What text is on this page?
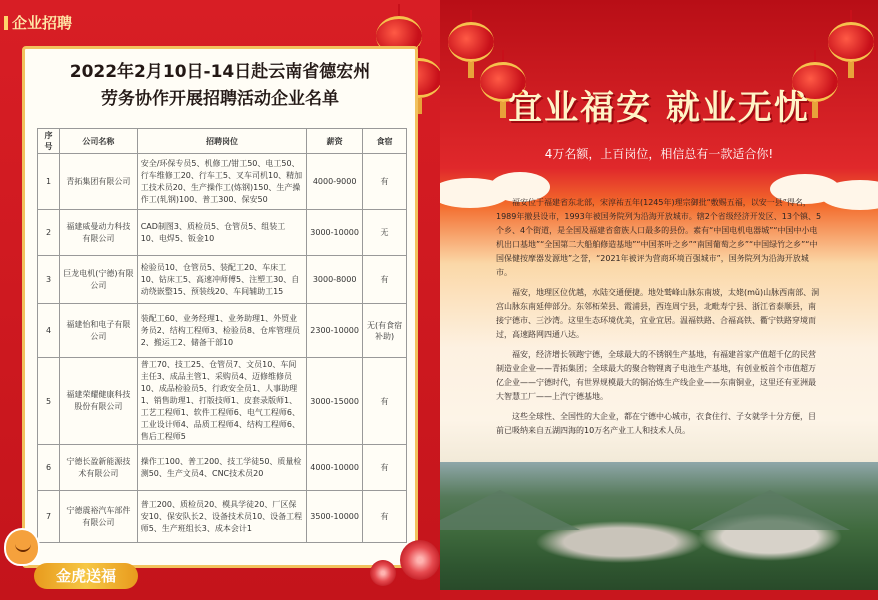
企业招聘
2022年2月10日-14日赴云南省德宏州
劳务协作开展招聘活动企业名单
序号	公司名称	招聘岗位	薪资	食宿
1	青拓集团有限公司	安全/环保专员5、机修工/钳工50、电工50、行车维修工20、行车工5、叉车司机10、精加工技术员20、生产操作工(炼钢)150、生产操作工(轧钢)100、普工300、保安50	4000-9000	有
2	福建威曼动力科技有限公司	CAD制图3、质检员5、仓管员5、组装工10、电焊5、钣金10	3000-10000	无
3	巨龙电机(宁德)有限公司	检验员10、仓管员5、装配工20、车床工10、钻床工5、高速冲师傅5、注塑工30、自动绕嵌整15、预装线20、车间辅助工15	3000-8000	有
4	福建怡和电子有限公司	装配工60、业务经理1、业务助理1、外贸业务员2、结构工程师3、检验员8、仓库管理员2、搬运工2、储备干部10	2300-10000	无(有食宿补助)
5	福建荣耀健康科技股份有限公司	普工70、技工25、仓管员7、文员10、车间主任3、成品主管1、采购员4、迈修维修员10、成品检验员5、行政安全员1、人事助理1、销售助理1、打版技师1、皮套录版师1、工艺工程师1、软件工程师6、电气工程师6、工业设计师4、品质工程师4、结构工程师6、售后工程师5	3000-15000	有
6	宁德长盈新能源技术有限公司	操作工100、普工200、技工学徒50、质量检测50、生产文员4、CNC技术员20	4000-10000	有
7	宁德震裕汽车部件有限公司	普工200、质检员20、模具学徒20、厂区保安10、保安队长2、设备技术员10、设备工程师5、生产班组长3、成本会计1	3500-10000	有
金虎送福
宜业福安 就业无忧
4万名额，上百岗位，相信总有一款适合你!

福安位于福建省东北部，宋淳祐五年(1245年)理宗御批“敷赐五福，以安一县”得名，1989年撤县设市，1993年被国务院列为沿海开放城市。辖2个省级经济开发区、13个镇、5个乡、4个街道，是全国及福建省畲族人口最多的县份。素有“中国电机电器城”“中国中小电机出口基地”“全国第二大船舶修造基地”“中国茶叶之乡”“南国葡萄之乡”“中国绿竹之乡”“中国保健按摩器发源地”之誉，“2021年被评为营商环境百强城市”，国务院列为沿海开放城市。

福安，地理区位优越，水陆交通便捷。地处鹫峰山脉东南坡，太姥(mǔ)山脉西南部、洞宫山脉东南延伸部分。东邻柘荣县、霞浦县，西连周宁县，北毗寿宁县、浙江省泰顺县，南接宁德市、三沙湾。这里生态环境优美，宜业宜居。温福铁路、合福高铁、衢宁铁路穿境而过，高速路网四通八达。

福安，经济增长领跑宁德，全球最大的不锈钢生产基地，有福建首家产值超千亿的民营制造业企业——青拓集团；全球最大的聚合物锂离子电池生产基地，有创业板首个市值超万亿企业——宁德时代，有世界规模最大的铜冶炼生产线企业——东南铜业，这里还有亚洲最大智慧工厂——上汽宁德基地。

这些全球性、全国性的大企业，都在宁德中心城市，衣食住行、子女就学十分方便，目前已吸纳来自五湖四海的10万名产业工人和技术人员。
